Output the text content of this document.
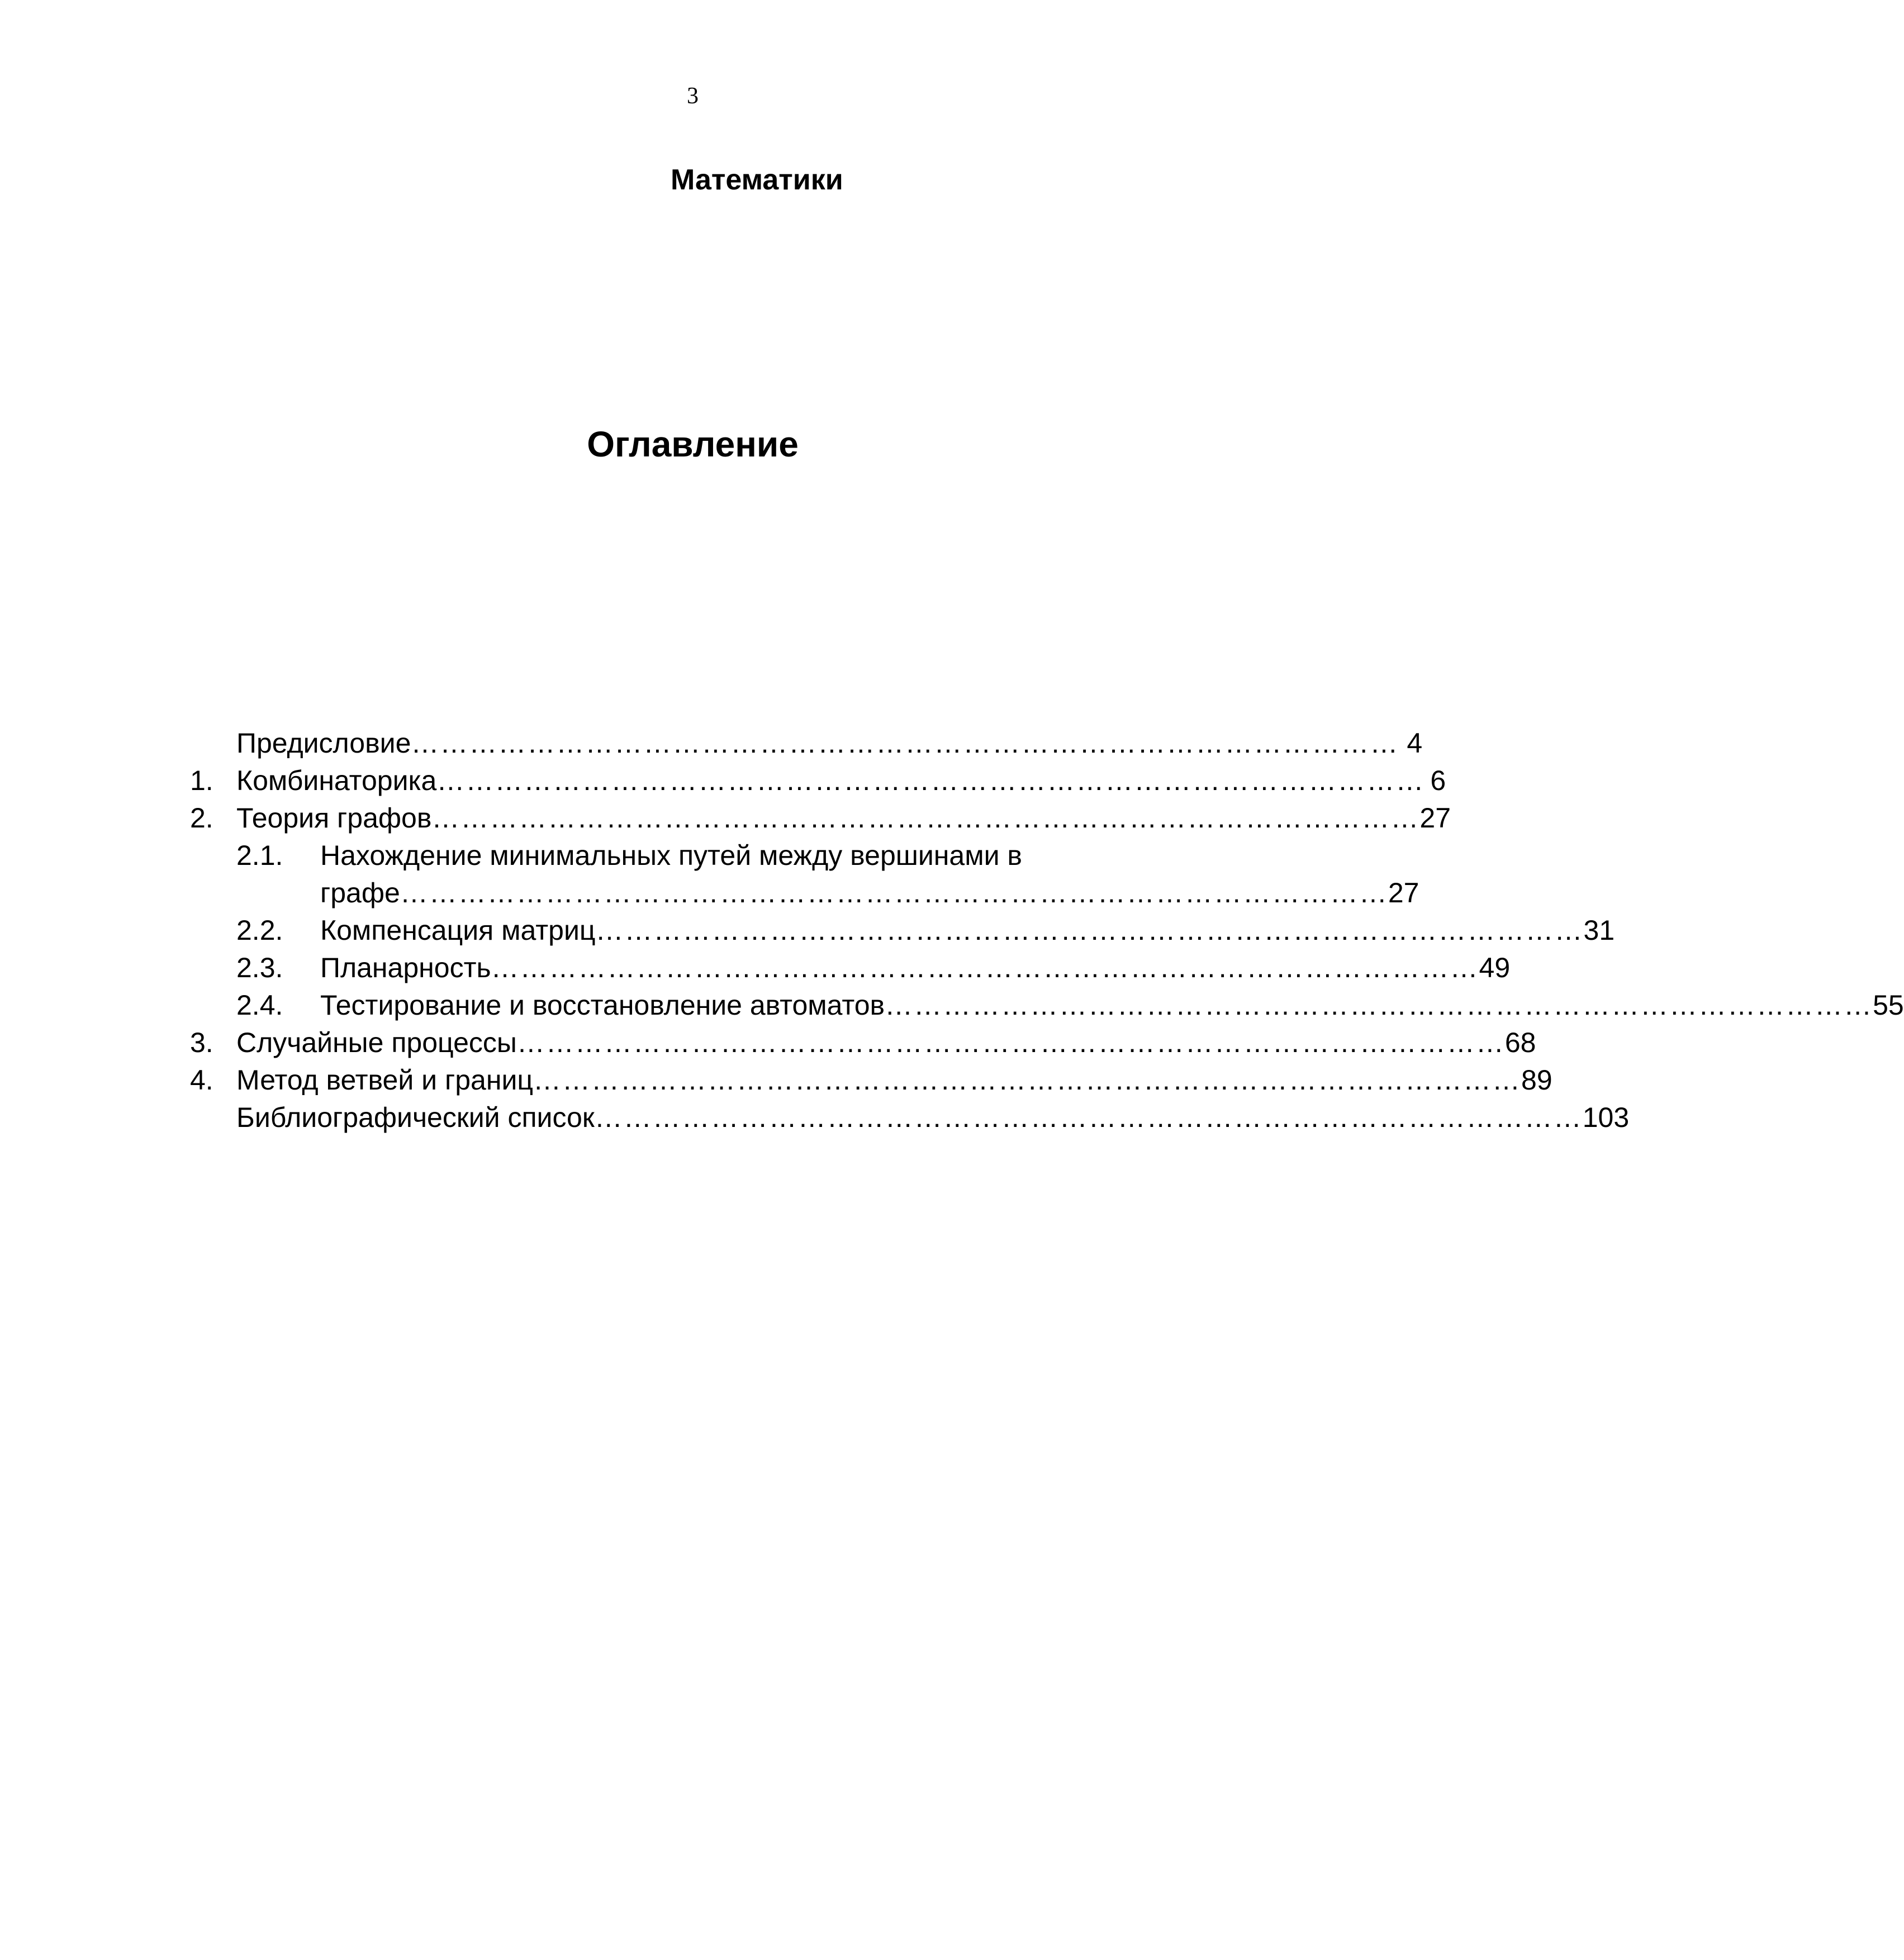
3
Математики
Оглавление
Предисловие ………………………………………………………………………………………… 4
1. Комбинаторика ………………………………………………………………………………………… 6
2. Теория графов ………………………………………………………………………………………… 27
2.1. Нахождение минимальных путей между вершинами в
графе ………………………………………………………………………………………… 27
2.2. Компенсация матриц ………………………………………………………………………………………… 31
2.3. Планарность ………………………………………………………………………………………… 49
2.4. Тестирование и восстановление автоматов ………………………………………………………………………………………… 55
3. Случайные процессы ………………………………………………………………………………………… 68
4. Метод ветвей и границ ………………………………………………………………………………………… 89
Библиографический список ………………………………………………………………………………………… 103
